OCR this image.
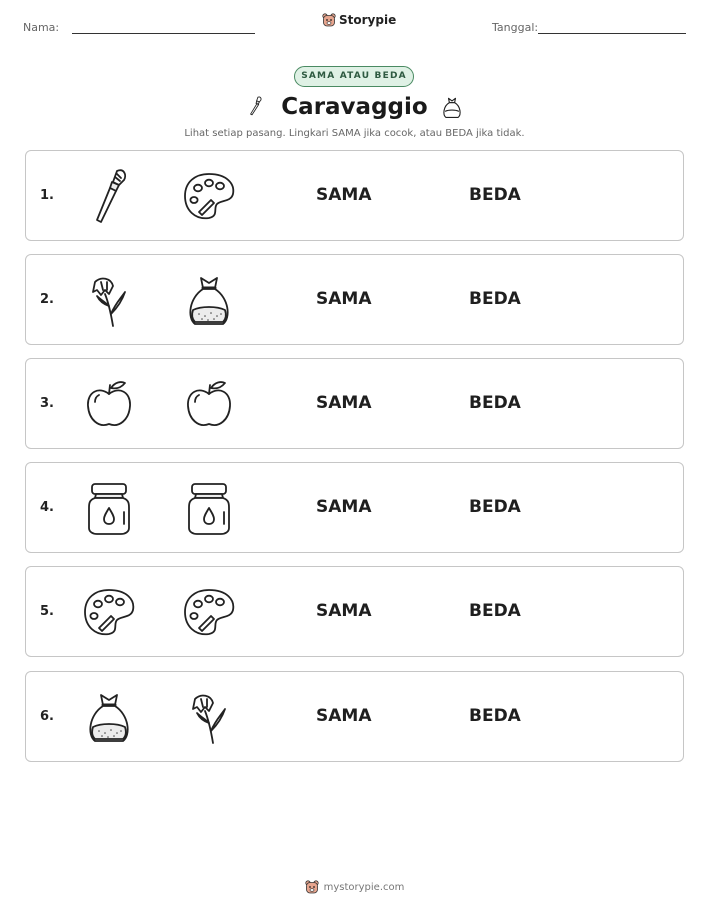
Nama:
Storypie
Tanggal:
SAMA ATAU BEDA
Caravaggio
Lihat setiap pasang. Lingkari SAMA jika cocok, atau BEDA jika tidak.
1.	SAMA	BEDA
2.	SAMA	BEDA
3.	SAMA	BEDA
4.	SAMA	BEDA
5.	SAMA	BEDA
6.	SAMA	BEDA
mystorypie.com
